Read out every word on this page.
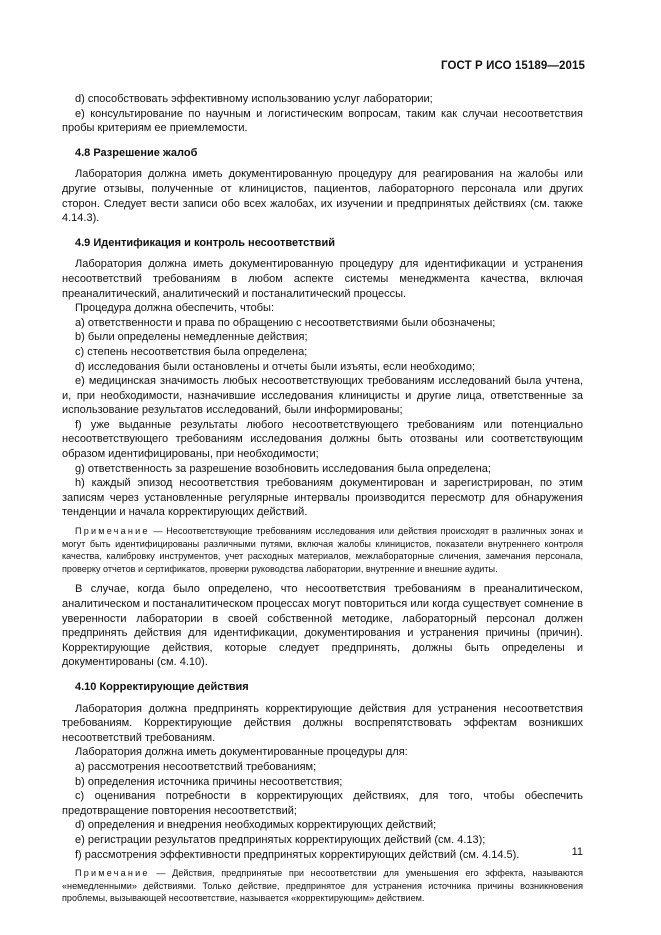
ГОСТ Р ИСО 15189—2015

d) способствовать эффективному использованию услуг лаборатории;

e) консультирование по научным и логистическим вопросам, таким как случаи несоответствия пробы критериям ее приемлемости.

4.8 Разрешение жалоб

Лаборатория должна иметь документированную процедуру для реагирования на жалобы или другие отзывы, полученные от клиницистов, пациентов, лабораторного персонала или других сторон. Следует вести записи обо всех жалобах, их изучении и предпринятых действиях (см. также 4.14.3).

4.9 Идентификация и контроль несоответствий

Лаборатория должна иметь документированную процедуру для идентификации и устранения несоответствий требованиям в любом аспекте системы менеджмента качества, включая преаналитический, аналитический и постаналитический процессы.

Процедура должна обеспечить, чтобы:

a) ответственности и права по обращению с несоответствиями были обозначены;

b) были определены немедленные действия;

c) степень несоответствия была определена;

d) исследования были остановлены и отчеты были изъяты, если необходимо;

e) медицинская значимость любых несоответствующих требованиям исследований была учтена, и, при необходимости, назначившие исследования клиницисты и другие лица, ответственные за использование результатов исследований, были информированы;

f) уже выданные результаты любого несоответствующего требованиям или потенциально несоответствующего требованиям исследования должны быть отозваны или соответствующим образом идентифицированы, при необходимости;

g) ответственность за разрешение возобновить исследования была определена;

h) каждый эпизод несоответствия требованиям документирован и зарегистрирован, по этим записям через установленные регулярные интервалы производится пересмотр для обнаружения тенденции и начала корректирующих действий.

Примечание — Несоответствующие требованиям исследования или действия происходят в различных зонах и могут быть идентифицированы различными путями, включая жалобы клиницистов, показатели внутреннего контроля качества, калибровку инструментов, учет расходных материалов, межлабораторные сличения, замечания персонала, проверку отчетов и сертификатов, проверки руководства лаборатории, внутренние и внешние аудиты.

В случае, когда было определено, что несоответствия требованиям в преаналитическом, аналитическом и постаналитическом процессах могут повториться или когда существует сомнение в уверенности лаборатории в своей собственной методике, лабораторный персонал должен предпринять действия для идентификации, документирования и устранения причины (причин). Корректирующие действия, которые следует предпринять, должны быть определены и документированы (см. 4.10).

4.10 Корректирующие действия

Лаборатория должна предпринять корректирующие действия для устранения несоответствия требованиям. Корректирующие действия должны воспрепятствовать эффектам возникших несоответствий требованиям.

Лаборатория должна иметь документированные процедуры для:

a) рассмотрения несоответствий требованиям;

b) определения источника причины несоответствия;

c) оценивания потребности в корректирующих действиях, для того, чтобы обеспечить предотвращение повторения несоответствий;

d) определения и внедрения необходимых корректирующих действий;

e) регистрации результатов предпринятых корректирующих действий (см. 4.13);

f) рассмотрения эффективности предпринятых корректирующих действий (см. 4.14.5).

Примечание — Действия, предпринятые при несоответствии для уменьшения его эффекта, называются «немедленными» действиями. Только действие, предпринятое для устранения источника причины возникновения проблемы, вызывающей несоответствие, называется «корректирующим» действием.

11
